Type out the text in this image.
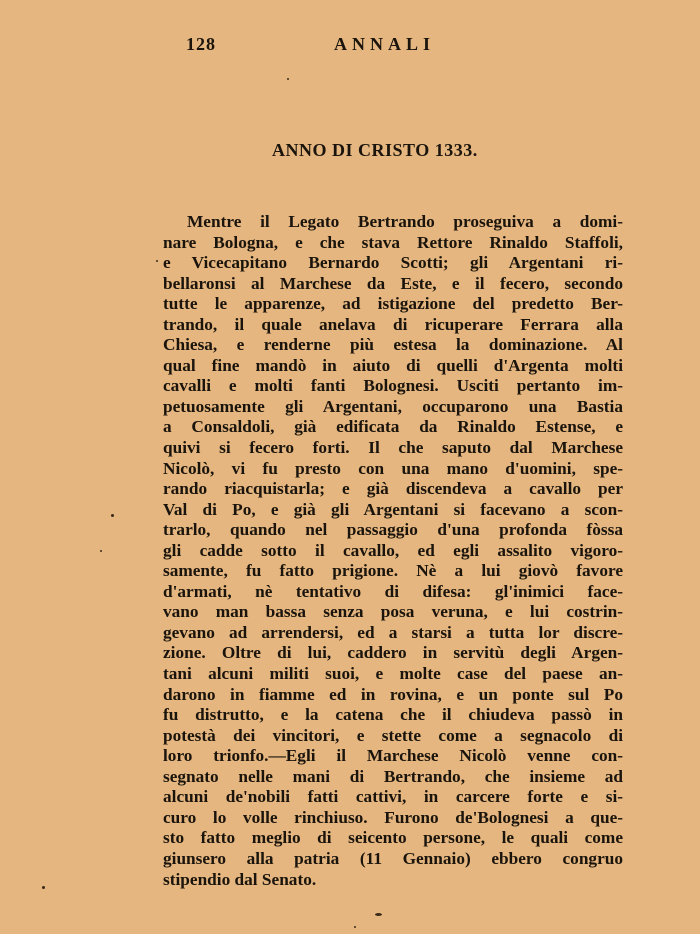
128	ANNALI
ANNO DI CRISTO 1333.
Mentre il Legato Bertrando proseguiva a domi-
nare Bologna, e che stava Rettore Rinaldo Staffoli,
e Vicecapitano Bernardo Scotti; gli Argentani ri-
bellaronsi al Marchese da Este, e il fecero, secondo
tutte le apparenze, ad istigazione del predetto Ber-
trando, il quale anelava di ricuperare Ferrara alla
Chiesa, e renderne più estesa la dominazione. Al
qual fine mandò in aiuto di quelli d'Argenta molti
cavalli e molti fanti Bolognesi. Usciti pertanto im-
petuosamente gli Argentani, occuparono una Bastia
a Consaldoli, già edificata da Rinaldo Estense, e
quivi si fecero forti. Il che saputo dal Marchese
Nicolò, vi fu presto con una mano d'uomini, spe-
rando riacquistarla; e già discendeva a cavallo per
Val di Po, e già gli Argentani si facevano a scon-
trarlo, quando nel passaggio d'una profonda fòssa
gli cadde sotto il cavallo, ed egli assalito vigoro-
samente, fu fatto prigione. Nè a lui giovò favore
d'armati, nè tentativo di difesa: gl'inimici face-
vano man bassa senza posa veruna, e lui costrin-
gevano ad arrendersi, ed a starsi a tutta lor discre-
zione. Oltre di lui, caddero in servitù degli Argen-
tani alcuni militi suoi, e molte case del paese an-
darono in fiamme ed in rovina, e un ponte sul Po
fu distrutto, e la catena che il chiudeva passò in
potestà dei vincitori, e stette come a segnacolo di
loro trionfo.—Egli il Marchese Nicolò venne con-
segnato nelle mani di Bertrando, che insieme ad
alcuni de'nobili fatti cattivi, in carcere forte e si-
curo lo volle rinchiuso. Furono de'Bolognesi a que-
sto fatto meglio di seicento persone, le quali come
giunsero alla patria (11 Gennaio) ebbero congruo
stipendio dal Senato.
